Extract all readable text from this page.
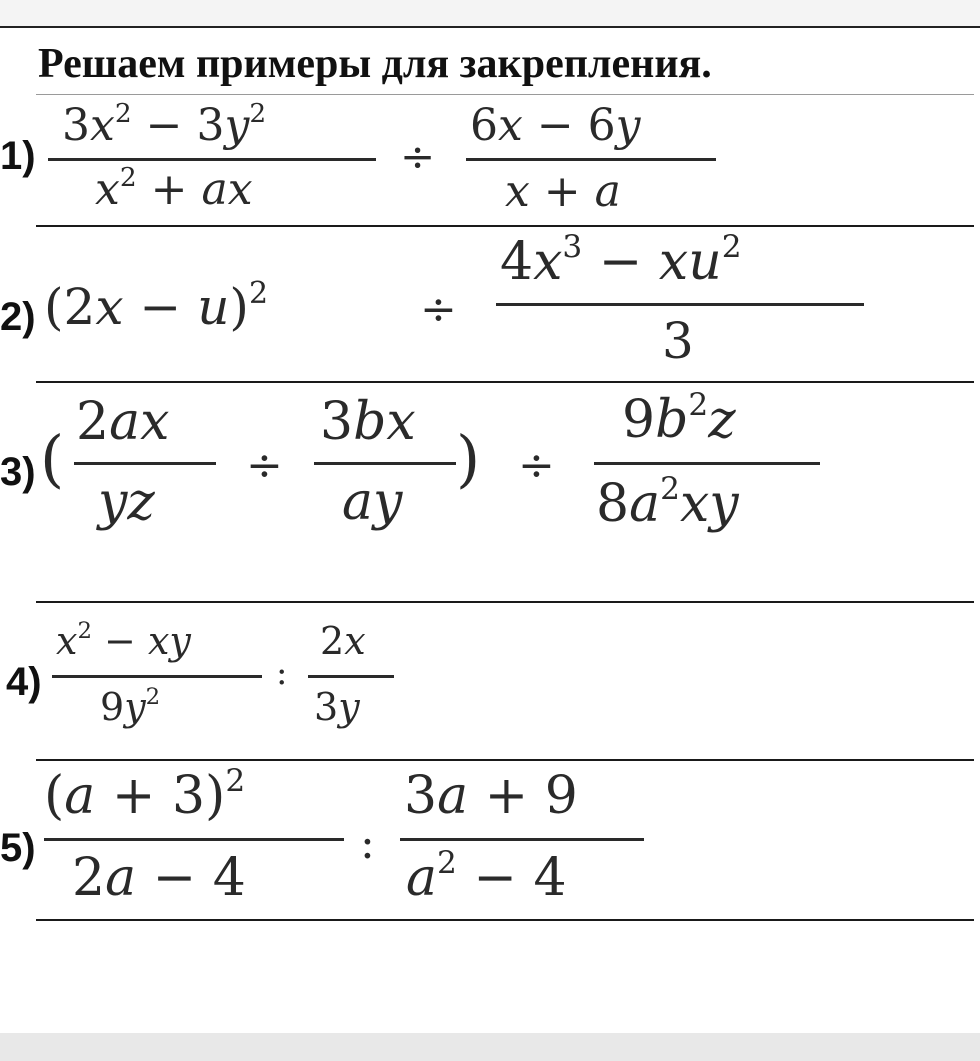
Решаем примеры для закрепления.
1)
$3x^2 - 3y^2$
$x^2$ + ax
÷
6x − 6y
x + a
2) $(2x - u)^2$	÷
$4x^3 - xu^2$
3
3) ( 2ax
yz
÷
3bx
ay
) ÷
$9b^2z$
$8a^2xy$
4)
$x^2$ − xy
$9y^2$
:
2x
3y
5)
$(a + 3)^2$
2a − 4
:
3a + 9
$a^2 - 4$
